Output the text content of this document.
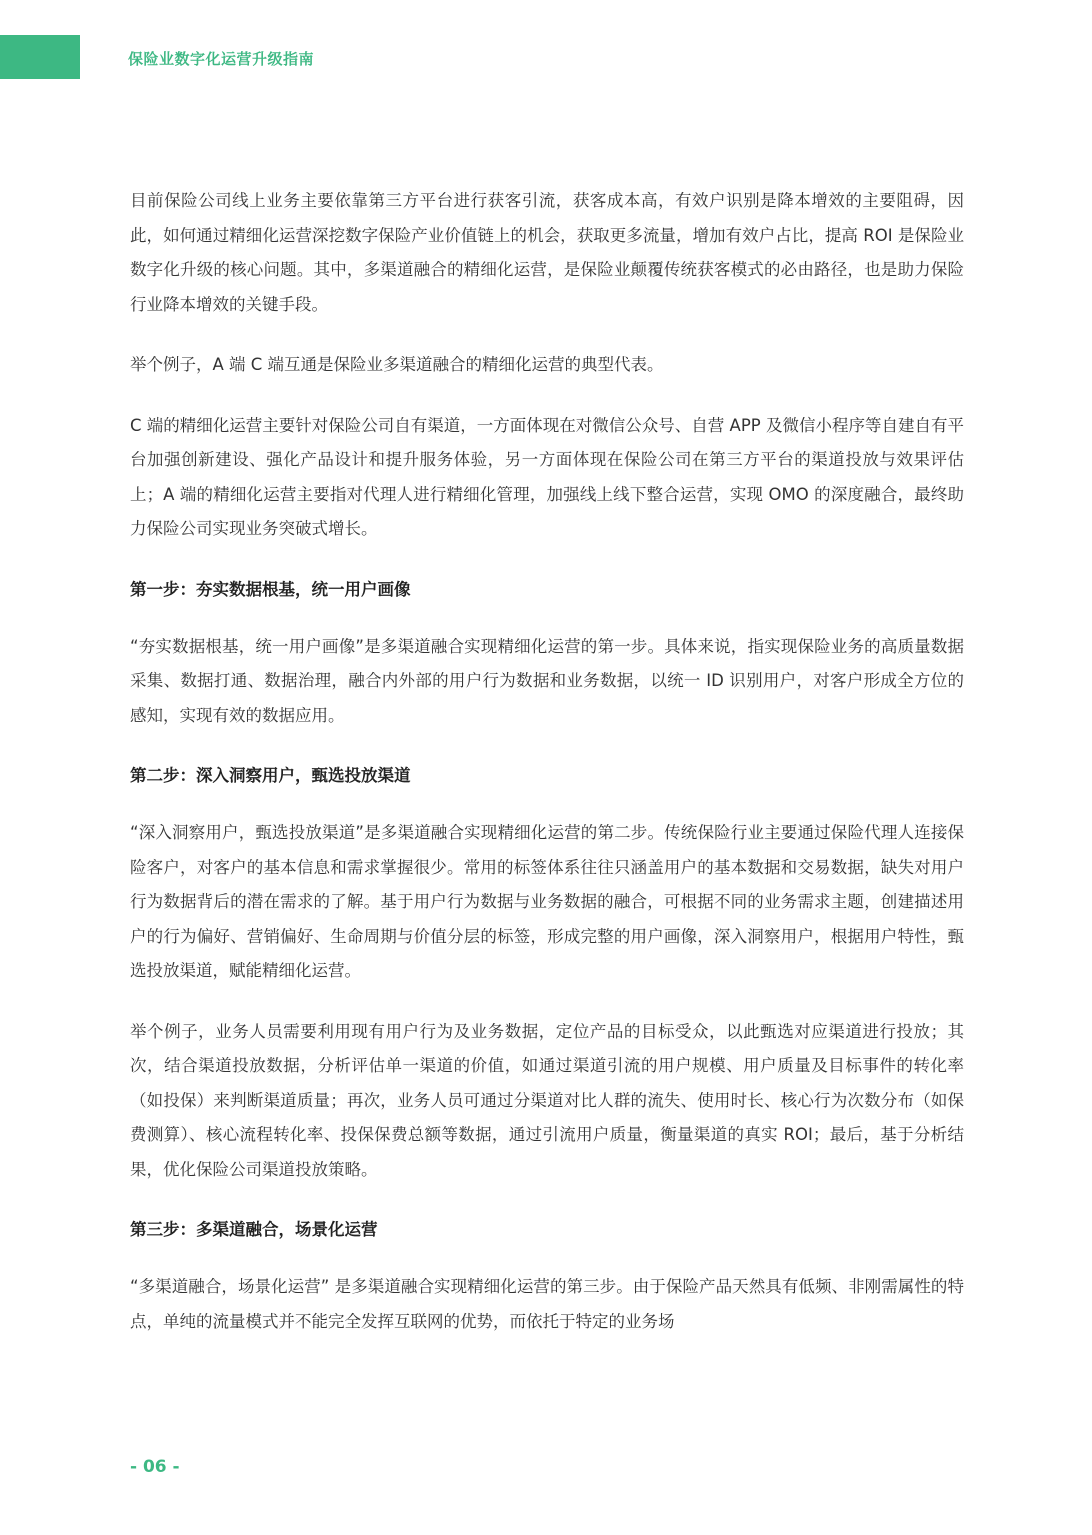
保险业数字化运营升级指南

目前保险公司线上业务主要依靠第三方平台进行获客引流，获客成本高，有效户识别是降本增效的主要阻碍，因此，如何通过精细化运营深挖数字保险产业价值链上的机会，获取更多流量，增加有效户占比，提高 ROI 是保险业数字化升级的核心问题。其中，多渠道融合的精细化运营，是保险业颠覆传统获客模式的必由路径，也是助力保险行业降本增效的关键手段。

举个例子，A 端 C 端互通是保险业多渠道融合的精细化运营的典型代表。

C 端的精细化运营主要针对保险公司自有渠道，一方面体现在对微信公众号、自营 APP 及微信小程序等自建自有平台加强创新建设、强化产品设计和提升服务体验，另一方面体现在保险公司在第三方平台的渠道投放与效果评估上；A 端的精细化运营主要指对代理人进行精细化管理，加强线上线下整合运营，实现 OMO 的深度融合，最终助力保险公司实现业务突破式增长。

第一步：夯实数据根基，统一用户画像

“夯实数据根基，统一用户画像”是多渠道融合实现精细化运营的第一步。具体来说，指实现保险业务的高质量数据采集、数据打通、数据治理，融合内外部的用户行为数据和业务数据，以统一 ID 识别用户，对客户形成全方位的感知，实现有效的数据应用。

第二步：深入洞察用户，甄选投放渠道

“深入洞察用户，甄选投放渠道”是多渠道融合实现精细化运营的第二步。传统保险行业主要通过保险代理人连接保险客户，对客户的基本信息和需求掌握很少。常用的标签体系往往只涵盖用户的基本数据和交易数据，缺失对用户行为数据背后的潜在需求的了解。基于用户行为数据与业务数据的融合，可根据不同的业务需求主题，创建描述用户的行为偏好、营销偏好、生命周期与价值分层的标签，形成完整的用户画像，深入洞察用户，根据用户特性，甄选投放渠道，赋能精细化运营。

举个例子，业务人员需要利用现有用户行为及业务数据，定位产品的目标受众，以此甄选对应渠道进行投放；其次，结合渠道投放数据，分析评估单一渠道的价值，如通过渠道引流的用户规模、用户质量及目标事件的转化率（如投保）来判断渠道质量；再次，业务人员可通过分渠道对比人群的流失、使用时长、核心行为次数分布（如保费测算）、核心流程转化率、投保保费总额等数据，通过引流用户质量，衡量渠道的真实 ROI；最后，基于分析结果，优化保险公司渠道投放策略。

第三步：多渠道融合，场景化运营

“多渠道融合，场景化运营” 是多渠道融合实现精细化运营的第三步。由于保险产品天然具有低频、非刚需属性的特点，单纯的流量模式并不能完全发挥互联网的优势，而依托于特定的业务场

- 06 -
